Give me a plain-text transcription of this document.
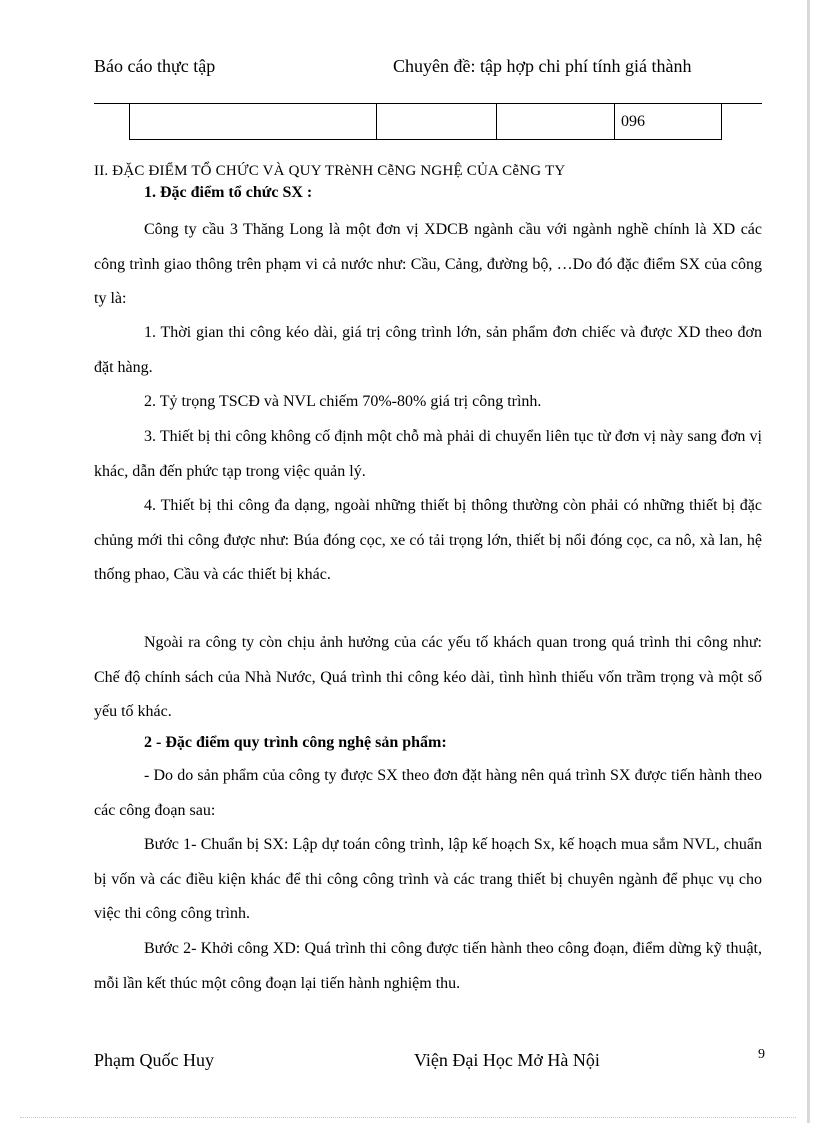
Báo cáo thực tập	Chuyên đề: tập hợp chi phí tính giá thành
			096
II. ĐẶC ĐIỂM TỔ CHỨC VÀ QUY TRèNH CễNG NGHỆ CỦA CễNG TY
1. Đặc điểm tổ chức SX :

Công ty cầu 3 Thăng Long là một đơn vị XDCB ngành cầu với ngành nghề chính là XD các công trình giao thông trên phạm vi cả nước như: Cầu, Cảng, đường bộ, …Do đó đặc điểm SX của công ty là:

1. Thời gian thi công kéo dài, giá trị công trình lớn, sản phẩm đơn chiếc và được XD theo đơn đặt hàng.

2. Tỷ trọng TSCĐ và NVL chiếm 70%-80% giá trị công trình.

3. Thiết bị thi công không cố định một chỗ mà phải di chuyển liên tục từ đơn vị này sang đơn vị khác, dẫn đến phức tạp trong việc quản lý.

4. Thiết bị thi công đa dạng, ngoài những thiết bị thông thường còn phải có những thiết bị đặc chủng mới thi công được như: Búa đóng cọc, xe có tải trọng lớn, thiết bị nổi đóng cọc, ca nô, xà lan, hệ thống phao, Cầu và các thiết bị khác.

Ngoài ra công ty còn chịu ảnh hưởng của các yếu tố khách quan trong quá trình thi công như: Chế độ chính sách của Nhà Nước, Quá trình thi công kéo dài, tình hình thiếu vốn trầm trọng và một số yếu tố khác.

2 - Đặc điểm quy trình công nghệ sản phẩm:

- Do do sản phẩm của công ty được SX theo đơn đặt hàng nên quá trình SX được tiến hành theo các công đoạn sau:

Bước 1- Chuẩn bị SX: Lập dự toán công trình, lập kế hoạch Sx, kế hoạch mua sắm NVL, chuẩn bị vốn và các điều kiện khác để thi công công trình và các trang thiết bị chuyên ngành để phục vụ cho việc thi công công trình.

Bước 2- Khởi công XD: Quá trình thi công được tiến hành theo công đoạn, điểm dừng kỹ thuật, mỗi lần kết thúc một công đoạn lại tiến hành nghiệm thu.

Phạm Quốc Huy	Viện Đại Học Mở Hà Nội	9
